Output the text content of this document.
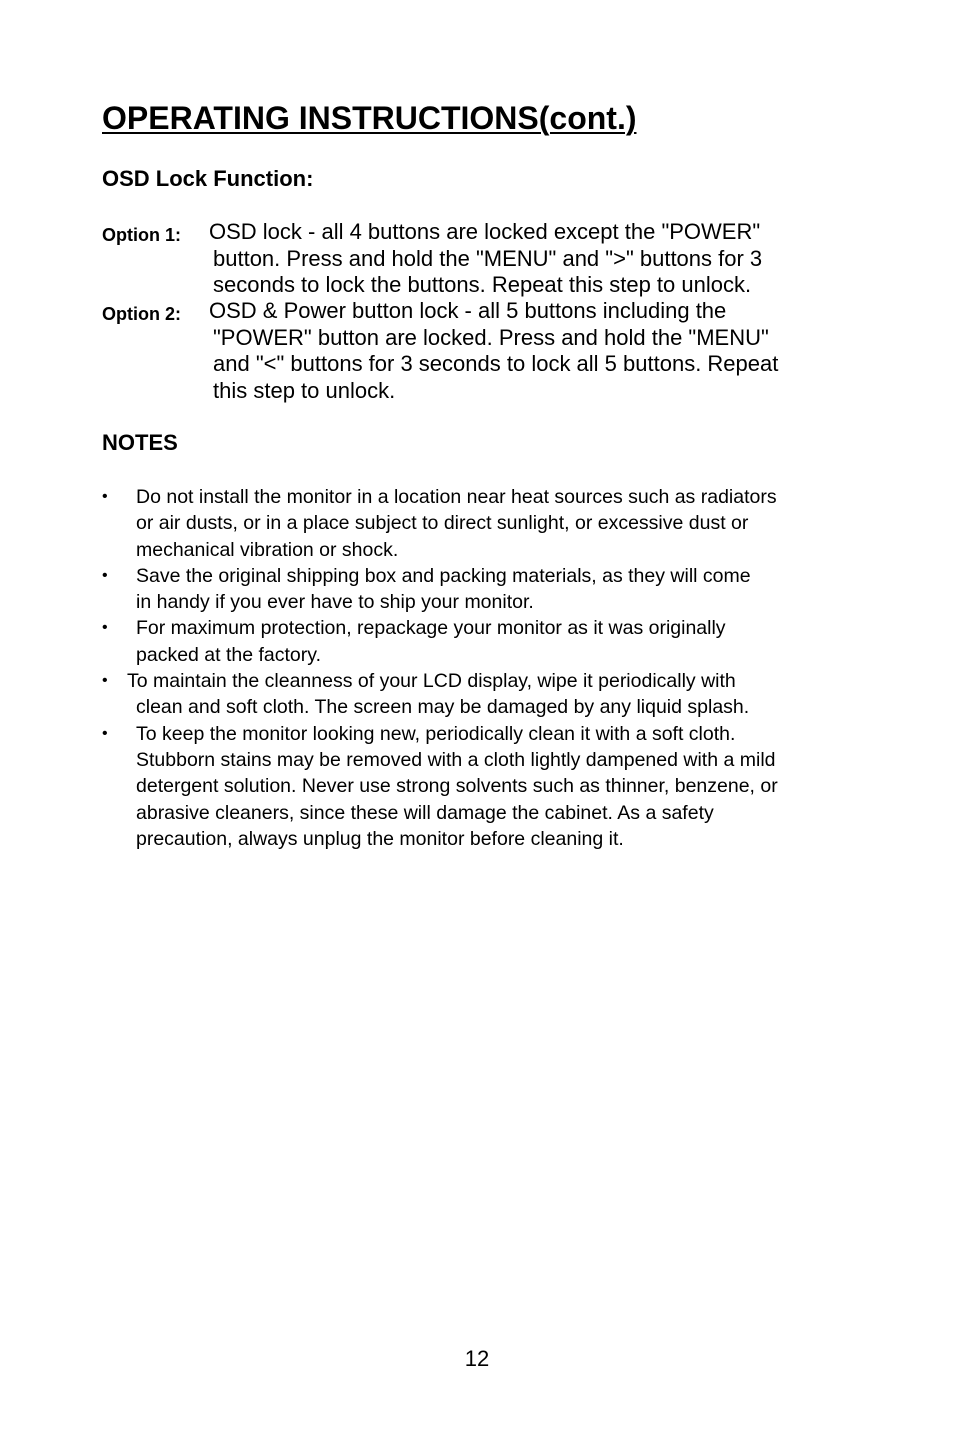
OPERATING INSTRUCTIONS(cont.)
OSD Lock Function:
Option 1:	OSD lock - all 4 buttons are locked except the "POWER"
button. Press and hold the "MENU" and ">" buttons for 3
seconds to lock the buttons. Repeat this step to unlock.
Option 2:	OSD & Power button lock - all 5 buttons including the
"POWER" button are locked. Press and hold the "MENU"
and "<" buttons for 3 seconds to lock all 5 buttons. Repeat
this step to unlock.
NOTES
•	Do not install the monitor in a location near heat sources such as radiators
or air dusts, or in a place subject to direct sunlight, or excessive dust or
mechanical vibration or shock.
•	Save the original shipping box and packing materials, as they will come
in handy if you ever have to ship your monitor.
•	For maximum protection, repackage your monitor as it was originally
packed at the factory.
• To maintain the cleanness of your LCD display, wipe it periodically with
clean and soft cloth. The screen may be damaged by any liquid splash.
•	To keep the monitor looking new, periodically clean it with a soft cloth.
Stubborn stains may be removed with a cloth lightly dampened with a mild
detergent solution. Never use strong solvents such as thinner, benzene, or
abrasive cleaners, since these will damage the cabinet. As a safety
precaution, always unplug the monitor before cleaning it.
12
